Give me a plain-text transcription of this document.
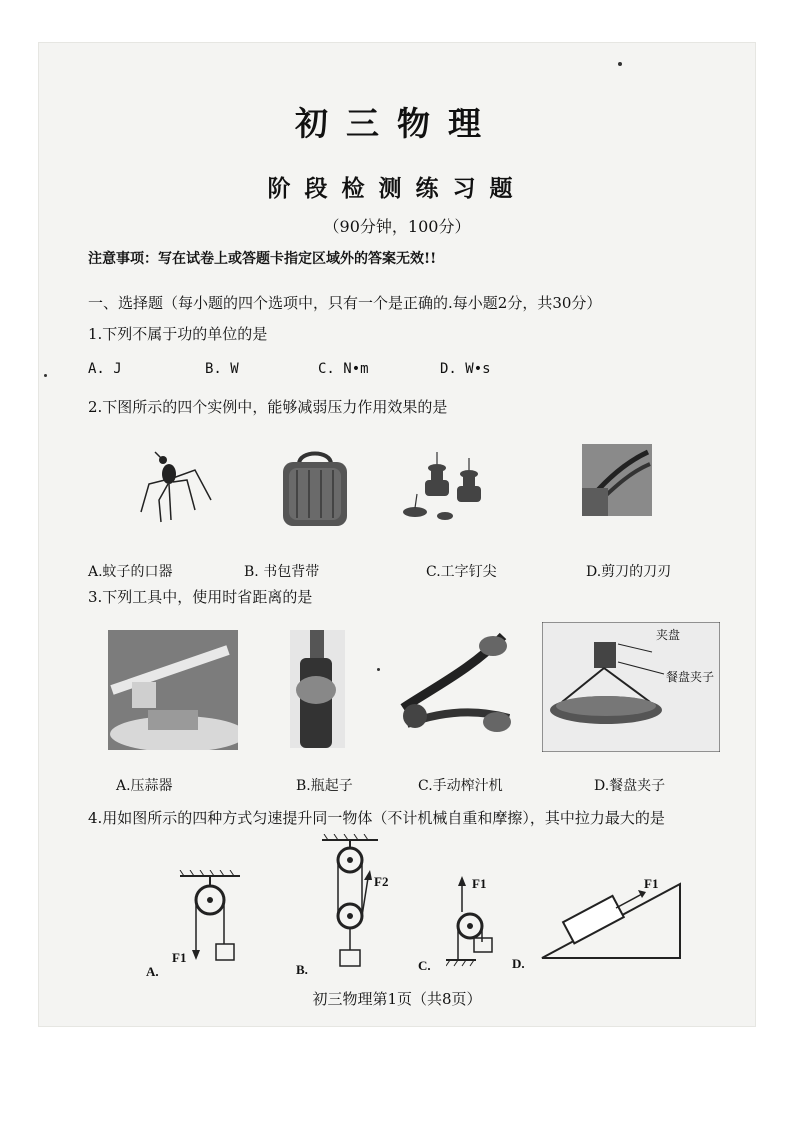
初三物理
阶段检测练习题
（90分钟，100分）
注意事项：写在试卷上或答题卡指定区域外的答案无效!!
一、选择题（每小题的四个选项中，只有一个是正确的.每小题2分，共30分）
1.下列不属于功的单位的是
A. J	B. W	C. N•m	D. W•s
2.下图所示的四个实例中，能够减弱压力作用效果的是
A.蚊子的口器	B. 书包背带	C.工字钉尖	D.剪刀的刀刃
3.下列工具中，使用时省距离的是
夹盘
餐盘夹子
A.压蒜器	B.瓶起子	C.手动榨汁机	D.餐盘夹子
4.用如图所示的四种方式匀速提升同一物体（不计机械自重和摩擦），其中拉力最大的是
F1
A.
F2
B.
F1
C.
F1
D.
初三物理第1页（共8页）
